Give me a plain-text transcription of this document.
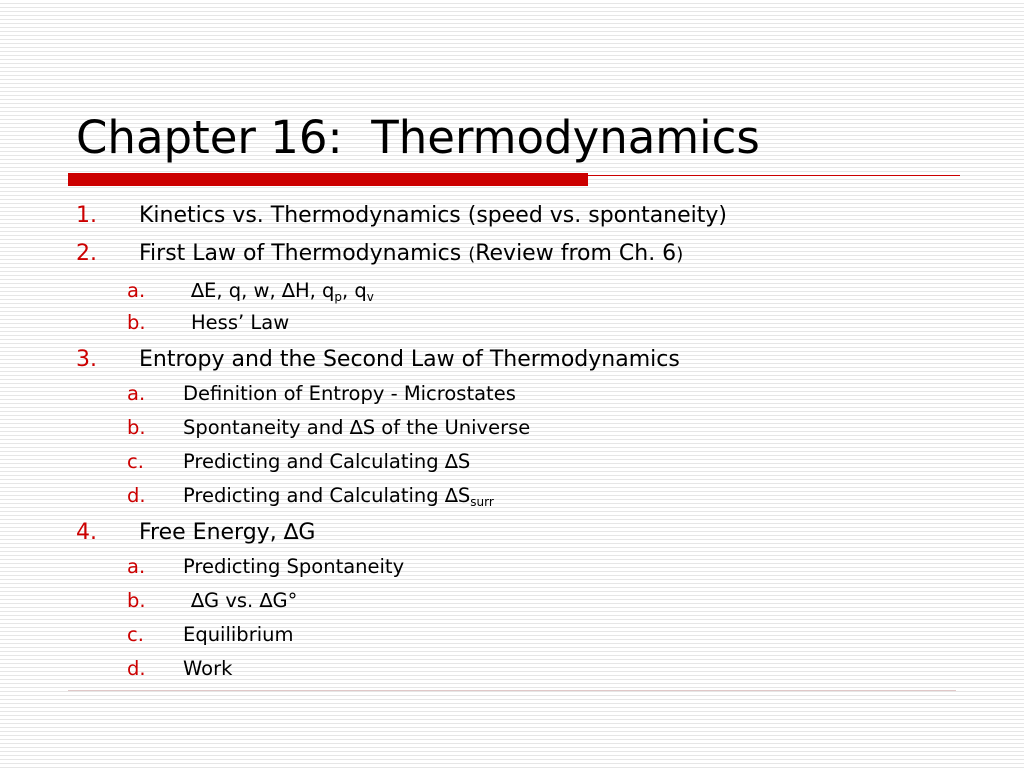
Chapter 16:  Thermodynamics
1. Kinetics vs. Thermodynamics (speed vs. spontaneity)
2. First Law of Thermodynamics (Review from Ch. 6)
a. ∆E, q, w, ∆H, $q_p$, $q_v$
b. Hess’ Law
3. Entropy and the Second Law of Thermodynamics
a. Definition of Entropy - Microstates
b. Spontaneity and ∆S of the Universe
c. Predicting and Calculating ∆S
d. Predicting and Calculating $\Delta S_{surr}$
4. Free Energy, ∆G
a. Predicting Spontaneity
b. ∆G vs. ∆G°
c. Equilibrium
d. Work
